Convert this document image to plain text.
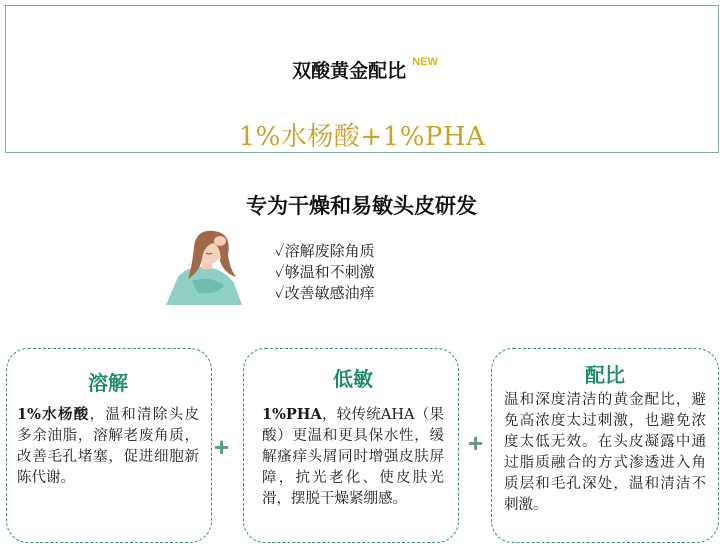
双酸黄金配比 $^{NEW}$
1%水杨酸+1%PHA
专为干燥和易敏头皮研发
✓溶解废除角质
✓够温和不刺激
✓改善敏感油痒
溶解
1%水杨酸，温和清除头皮多余油脂，溶解老废角质，改善毛孔堵塞，促进细胞新陈代谢。
+
低敏
1%PHA，较传统AHA（果酸）更温和更具保水性，缓解瘙痒头屑同时增强皮肤屏障，抗光老化、使皮肤光滑，摆脱干燥紧绷感。
+
配比
温和深度清洁的黄金配比，避免高浓度太过刺激，也避免浓度太低无效。在头皮凝露中通过脂质融合的方式渗透进入角质层和毛孔深处，温和清洁不刺激。
